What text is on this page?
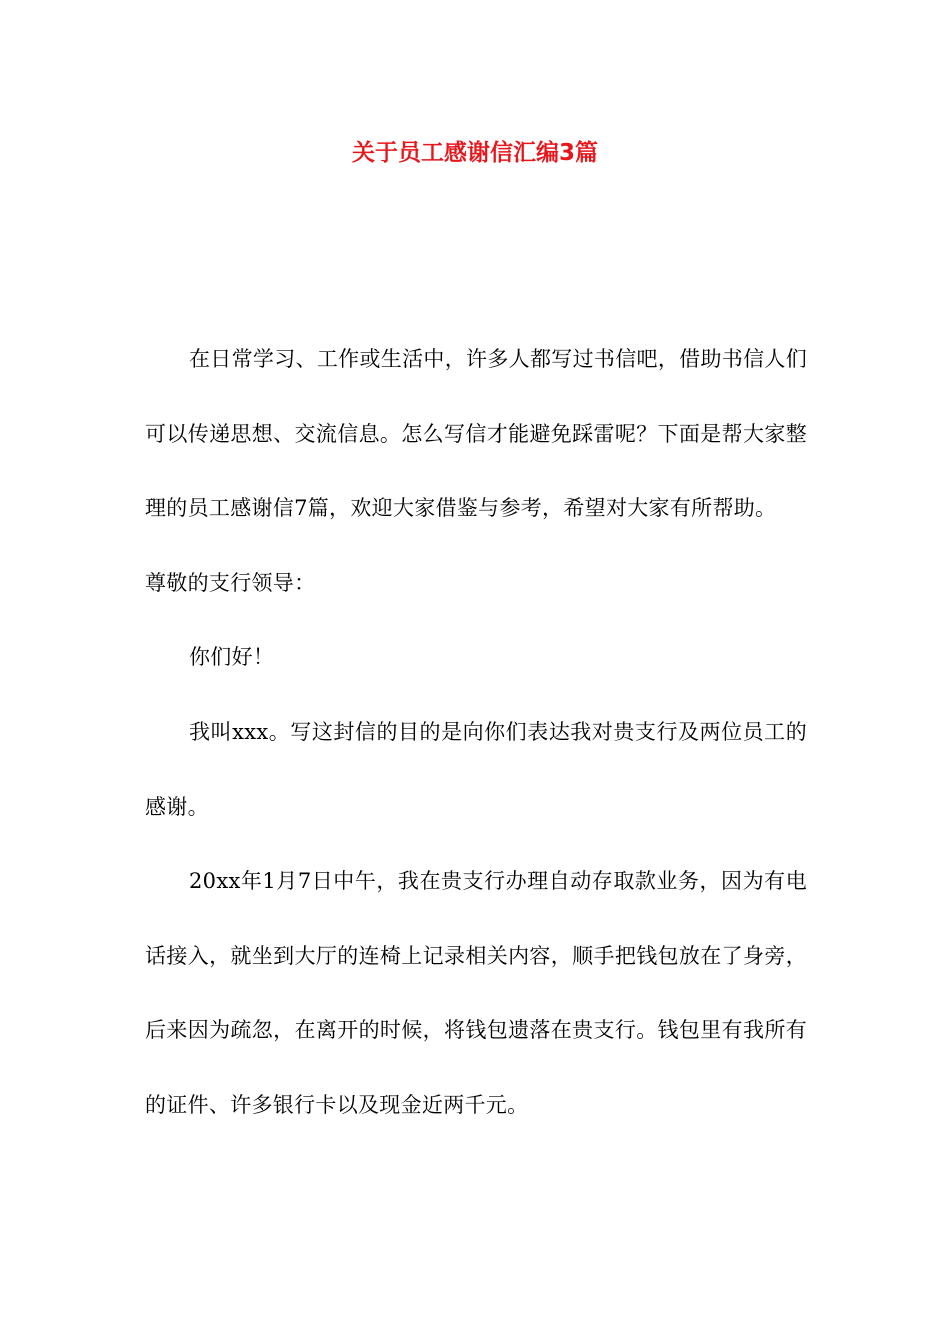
关于员工感谢信汇编3篇

在日常学习、工作或生活中，许多人都写过书信吧，借助书信人们可以传递思想、交流信息。怎么写信才能避免踩雷呢？下面是帮大家整理的员工感谢信7篇，欢迎大家借鉴与参考，希望对大家有所帮助。

尊敬的支行领导：

你们好！

我叫xxx。写这封信的目的是向你们表达我对贵支行及两位员工的感谢。

20xx年1月7日中午，我在贵支行办理自动存取款业务，因为有电话接入，就坐到大厅的连椅上记录相关内容，顺手把钱包放在了身旁，后来因为疏忽，在离开的时候，将钱包遗落在贵支行。钱包里有我所有的证件、许多银行卡以及现金近两千元。
